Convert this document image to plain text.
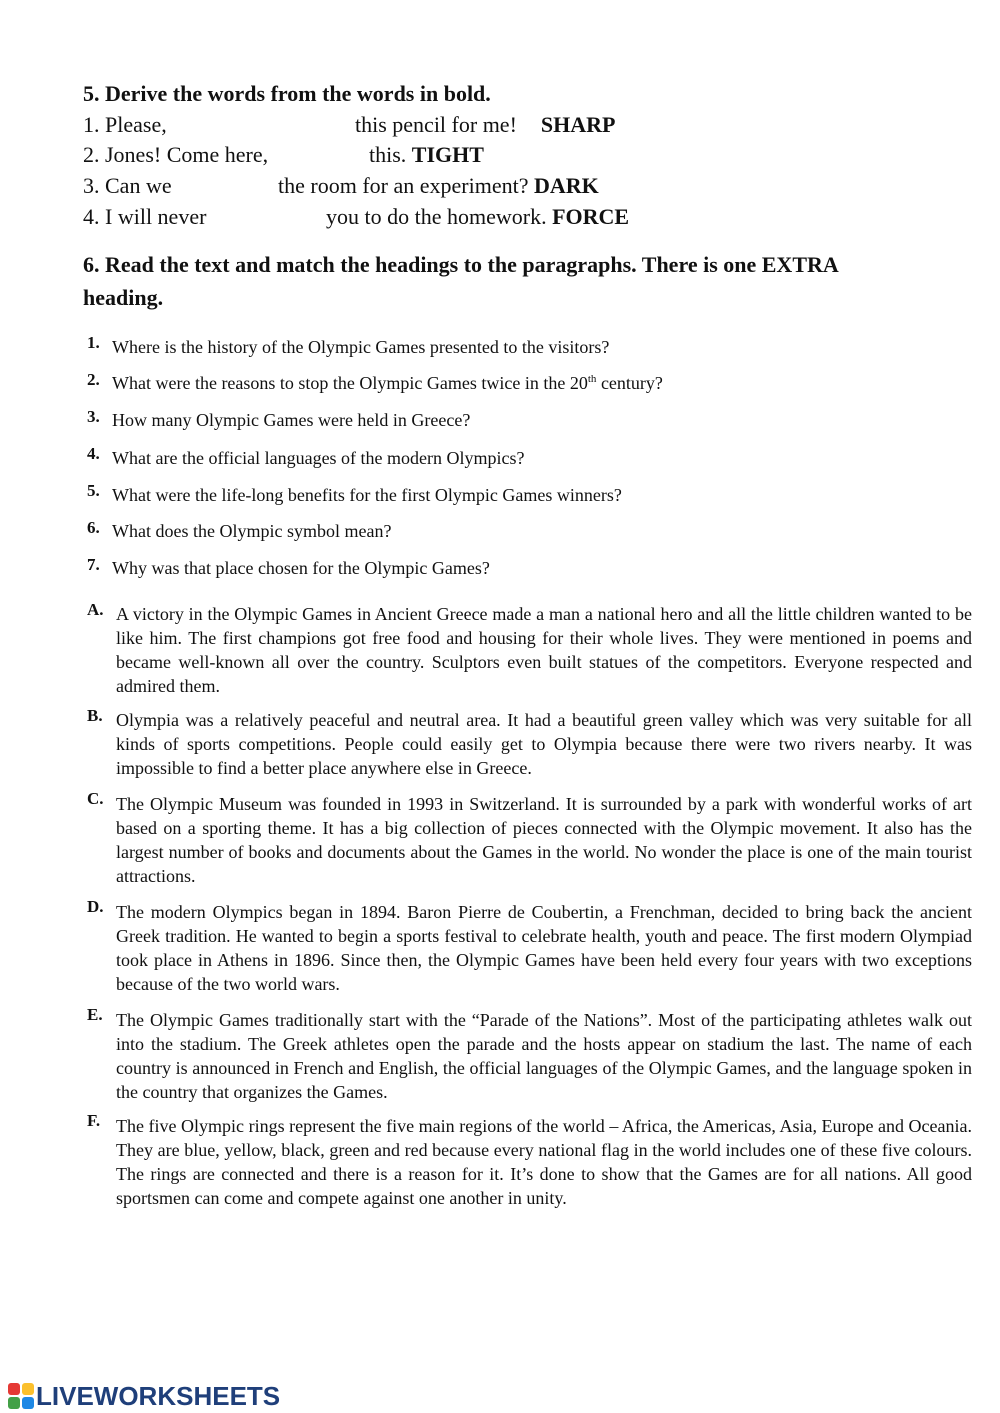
5. Derive the words from the words in bold.
1. Please,	this pencil for me! SHARP
2. Jones! Come here,	this. TIGHT
3. Can we	the room for an experiment? DARK
4. I will never	you to do the homework. FORCE
6. Read the text and match the headings to the paragraphs. There is one EXTRA heading.
1. Where is the history of the Olympic Games presented to the visitors?
2. What were the reasons to stop the Olympic Games twice in the 20th century?
3. How many Olympic Games were held in Greece?
4. What are the official languages of the modern Olympics?
5. What were the life-long benefits for the first Olympic Games winners?
6. What does the Olympic symbol mean?
7. Why was that place chosen for the Olympic Games?
A. A victory in the Olympic Games in Ancient Greece made a man a national hero and all the little children wanted to be like him. The first champions got free food and housing for their whole lives. They were mentioned in poems and became well-known all over the country. Sculptors even built statues of the competitors. Everyone respected and admired them.
B. Olympia was a relatively peaceful and neutral area. It had a beautiful green valley which was very suitable for all kinds of sports competitions. People could easily get to Olympia because there were two rivers nearby. It was impossible to find a better place anywhere else in Greece.
C. The Olympic Museum was founded in 1993 in Switzerland. It is surrounded by a park with wonderful works of art based on a sporting theme. It has a big collection of pieces connected with the Olympic movement. It also has the largest number of books and documents about the Games in the world. No wonder the place is one of the main tourist attractions.
D. The modern Olympics began in 1894. Baron Pierre de Coubertin, a Frenchman, decided to bring back the ancient Greek tradition. He wanted to begin a sports festival to celebrate health, youth and peace. The first modern Olympiad took place in Athens in 1896. Since then, the Olympic Games have been held every four years with two exceptions because of the two world wars.
E. The Olympic Games traditionally start with the “Parade of the Nations”. Most of the participating athletes walk out into the stadium. The Greek athletes open the parade and the hosts appear on stadium the last. The name of each country is announced in French and English, the official languages of the Olympic Games, and the language spoken in the country that organizes the Games.
F. The five Olympic rings represent the five main regions of the world – Africa, the Americas, Asia, Europe and Oceania. They are blue, yellow, black, green and red because every national flag in the world includes one of these five colours. The rings are connected and there is a reason for it. It’s done to show that the Games are for all nations. All good sportsmen can come and compete against one another in unity.
LIVEWORKSHEETS
